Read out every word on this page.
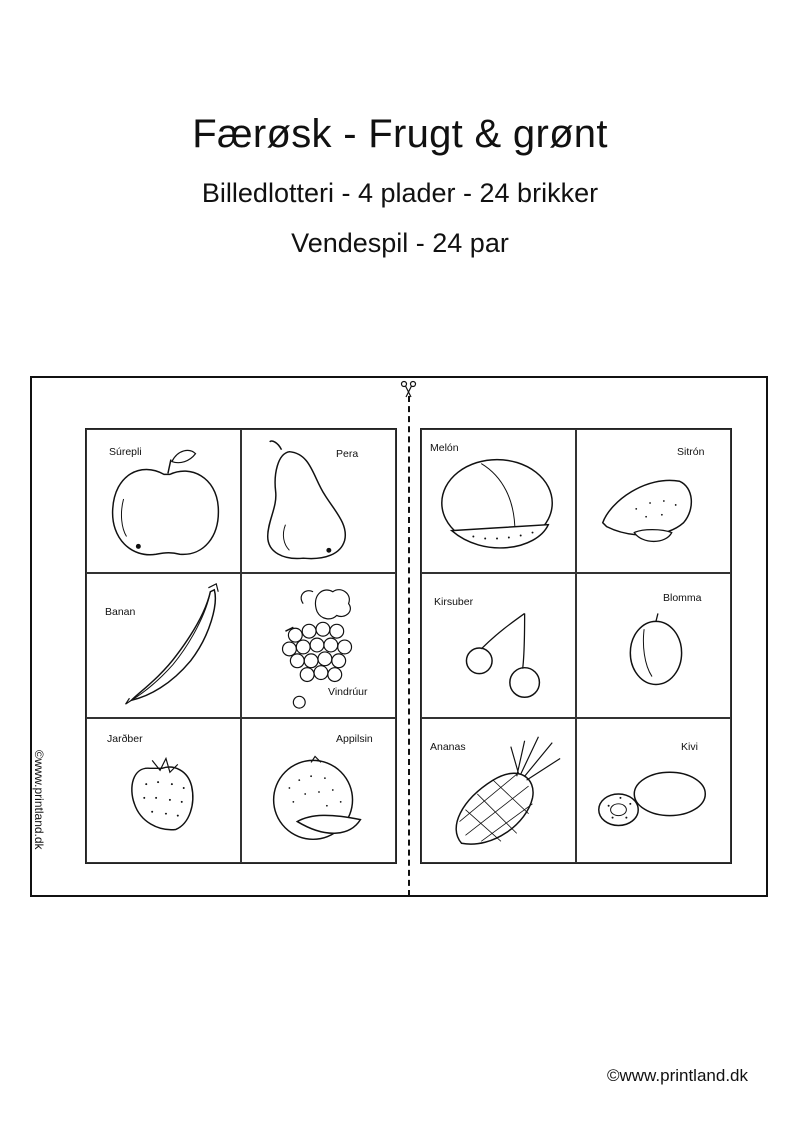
Færøsk - Frugt & grønt
Billedlotteri - 4 plader - 24 brikker
Vendespil - 24 par
©www.printland.dk
Súrepli	Pera
Banan
Vindrúur
Jarðber	Appilsin
Melón	Sitrón
Kirsuber	Blomma
Ananas	Kivi
©www.printland.dk
